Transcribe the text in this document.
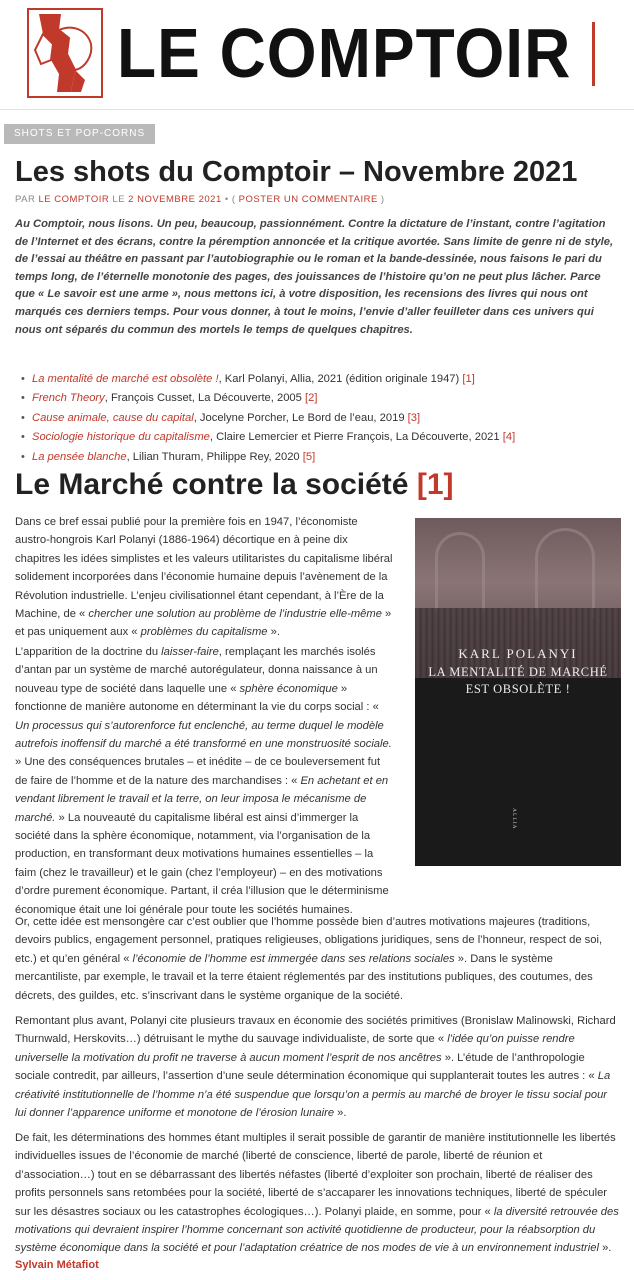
LE COMPTOIR
SHOTS ET POP-CORNS
Les shots du Comptoir – Novembre 2021
PAR LE COMPTOIR LE 2 NOVEMBRE 2021 • ( POSTER UN COMMENTAIRE )

Au Comptoir, nous lisons. Un peu, beaucoup, passionnément. Contre la dictature de l’instant, contre l’agitation de l’Internet et des écrans, contre la péremption annoncée et la critique avortée. Sans limite de genre ni de style, de l’essai au théâtre en passant par l’autobiographie ou le roman et la bande-dessinée, nous faisons le pari du temps long, de l’éternelle monotonie des pages, des jouissances de l’histoire qu’on ne peut plus lâcher. Parce que « Le savoir est une arme », nous mettons ici, à votre disposition, les recensions des livres qui nous ont marqués ces derniers temps. Pour vous donner, à tout le moins, l’envie d’aller feuilleter dans ces univers qui nous ont séparés du commun des mortels le temps de quelques chapitres.

• La mentalité de marché est obsolète !, Karl Polanyi, Allia, 2021 (édition originale 1947) [1]
• French Theory, François Cusset, La Découverte, 2005 [2]
• Cause animale, cause du capital, Jocelyne Porcher, Le Bord de l’eau, 2019 [3]
• Sociologie historique du capitalisme, Claire Lemercier et Pierre François, La Découverte, 2021 [4]
• La pensée blanche, Lilian Thuram, Philippe Rey, 2020 [5]
Le Marché contre la société [1]
KARL POLANYI
LA MENTALITÉ DE MARCHÉ
EST OBSOLÈTE !
ALLIA

Dans ce bref essai publié pour la première fois en 1947, l’économiste austro-hongrois Karl Polanyi (1886-1964) décortique en à peine dix chapitres les idées simplistes et les valeurs utilitaristes du capitalisme libéral solidement incorporées dans l’économie humaine depuis l’avènement de la Révolution industrielle. L’enjeu civilisationnel étant cependant, à l’Ère de la Machine, de « chercher une solution au problème de l’industrie elle-même » et pas uniquement aux « problèmes du capitalisme ».

L’apparition de la doctrine du laisser-faire, remplaçant les marchés isolés d’antan par un système de marché autorégulateur, donna naissance à un nouveau type de société dans laquelle une « sphère économique » fonctionne de manière autonome en déterminant la vie du corps social : « Un processus qui s’autorenforce fut enclenché, au terme duquel le modèle autrefois inoffensif du marché a été transformé en une monstruosité sociale. » Une des conséquences brutales – et inédite – de ce bouleversement fut de faire de l’homme et de la nature des marchandises : « En achetant et en vendant librement le travail et la terre, on leur imposa le mécanisme de marché. » La nouveauté du capitalisme libéral est ainsi d’immerger la société dans la sphère économique, notamment, via l’organisation de la production, en transformant deux motivations humaines essentielles – la faim (chez le travailleur) et le gain (chez l’employeur) – en des motivations d’ordre purement économique. Partant, il créa l’illusion que le déterminisme économique était une loi générale pour toute les sociétés humaines.

Or, cette idée est mensongère car c’est oublier que l’homme possède bien d’autres motivations majeures (traditions, devoirs publics, engagement personnel, pratiques religieuses, obligations juridiques, sens de l’honneur, respect de soi, etc.) et qu’en général « l’économie de l’homme est immergée dans ses relations sociales ». Dans le système mercantiliste, par exemple, le travail et la terre étaient réglementés par des institutions publiques, des coutumes, des décrets, des guildes, etc. s’inscrivant dans le système organique de la société.

Remontant plus avant, Polanyi cite plusieurs travaux en économie des sociétés primitives (Bronislaw Malinowski, Richard Thurnwald, Herskovits…) détruisant le mythe du sauvage individualiste, de sorte que « l’idée qu’on puisse rendre universelle la motivation du profit ne traverse à aucun moment l’esprit de nos ancêtres ». L’étude de l’anthropologie sociale contredit, par ailleurs, l’assertion d’une seule détermination économique qui supplanterait toutes les autres : « La créativité institutionnelle de l’homme n’a été suspendue que lorsqu’on a permis au marché de broyer le tissu social pour lui donner l’apparence uniforme et monotone de l’érosion lunaire ».

De fait, les déterminations des hommes étant multiples il serait possible de garantir de manière institutionnelle les libertés individuelles issues de l’économie de marché (liberté de conscience, liberté de parole, liberté de réunion et d’association…) tout en se débarrassant des libertés néfastes (liberté d’exploiter son prochain, liberté de réaliser des profits personnels sans retombées pour la société, liberté de s’accaparer les innovations techniques, liberté de spéculer sur les désastres sociaux ou les catastrophes écologiques…). Polanyi plaide, en somme, pour « la diversité retrouvée des motivations qui devraient inspirer l’homme concernant son activité quotidienne de producteur, pour la réabsorption du système économique dans la société et pour l’adaptation créatrice de nos modes de vie à un environnement industriel ».

Sylvain Métafiot
